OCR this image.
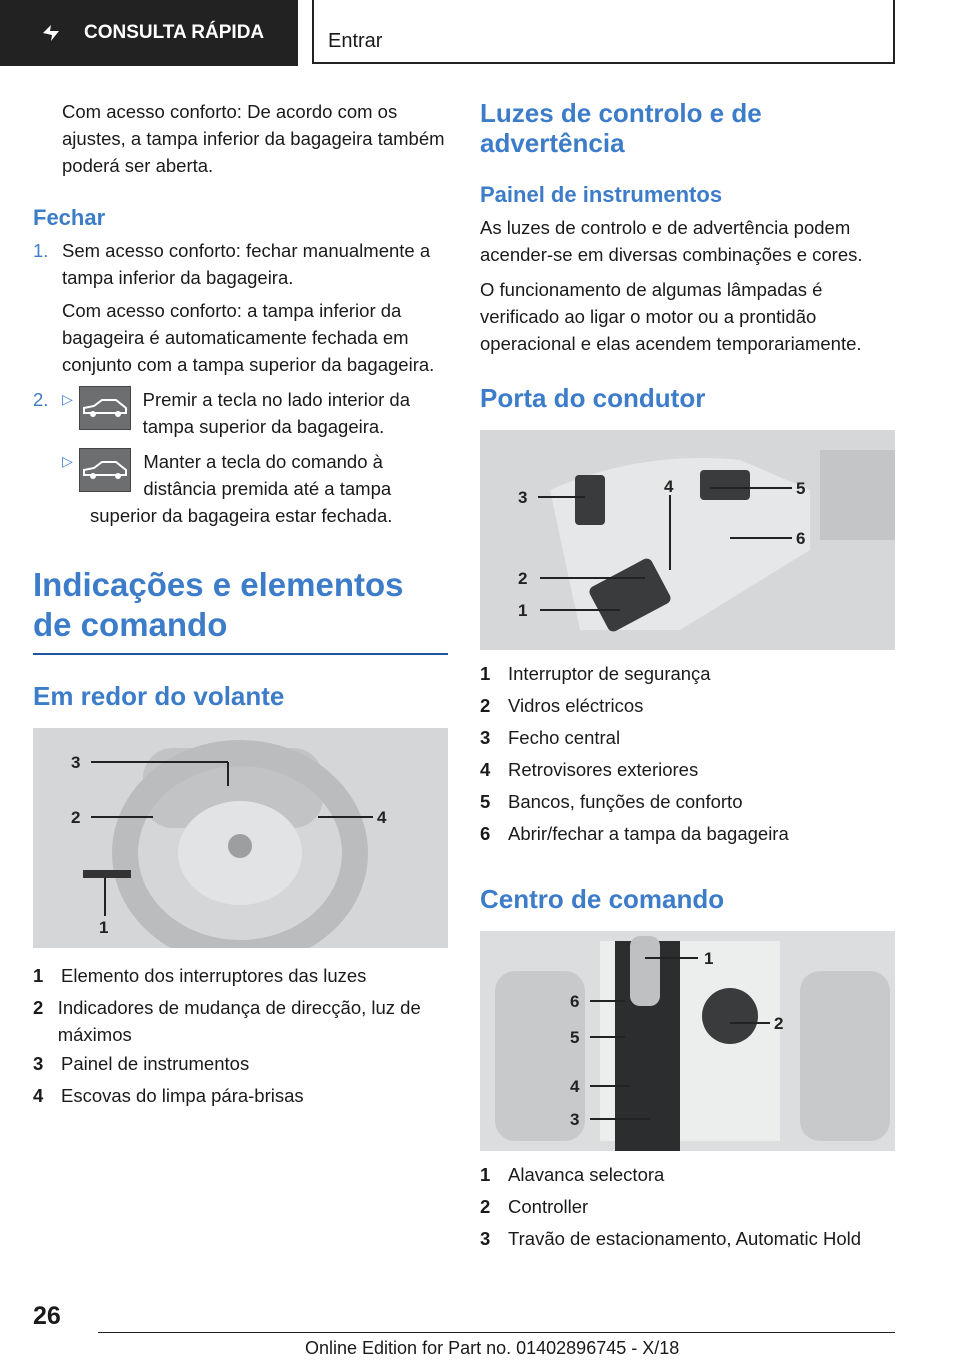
CONSULTA RÁPIDA	Entrar

Com acesso conforto: De acordo com os ajustes, a tampa inferior da bagageira também poderá ser aberta.

Fechar
1. Sem acesso conforto: fechar manualmente a tampa inferior da bagageira.

Com acesso conforto: a tampa inferior da bagageira é automaticamente fechada em conjunto com a tampa superior da bagageira.

2. ▷	Premir a tecla no lado interior da tampa superior da bagageira.

▷	Manter a tecla do comando à distância premida até a tampa

superior da bagageira estar fechada.

Indicações e elementos de comando
Em redor do volante
3
2	4
1
1 Elemento dos interruptores das luzes
2 Indicadores de mudança de direcção, luz de máximos
3 Painel de instrumentos
4 Escovas do limpa pára-brisas
Luzes de controlo e de advertência
Painel de instrumentos

As luzes de controlo e de advertência podem acender-se em diversas combinações e cores.

O funcionamento de algumas lâmpadas é verificado ao ligar o motor ou a prontidão operacional e elas acendem temporariamente.

Porta do condutor
3
4	5
6
2
1
1 Interruptor de segurança
2 Vidros eléctricos
3 Fecho central
4 Retrovisores exteriores
5 Bancos, funções de conforto
6 Abrir/fechar a tampa da bagageira
Centro de comando
1
6
5
2
4
3
1 Alavanca selectora
2 Controller
3 Travão de estacionamento, Automatic Hold
26
Online Edition for Part no. 01402896745 - X/18
